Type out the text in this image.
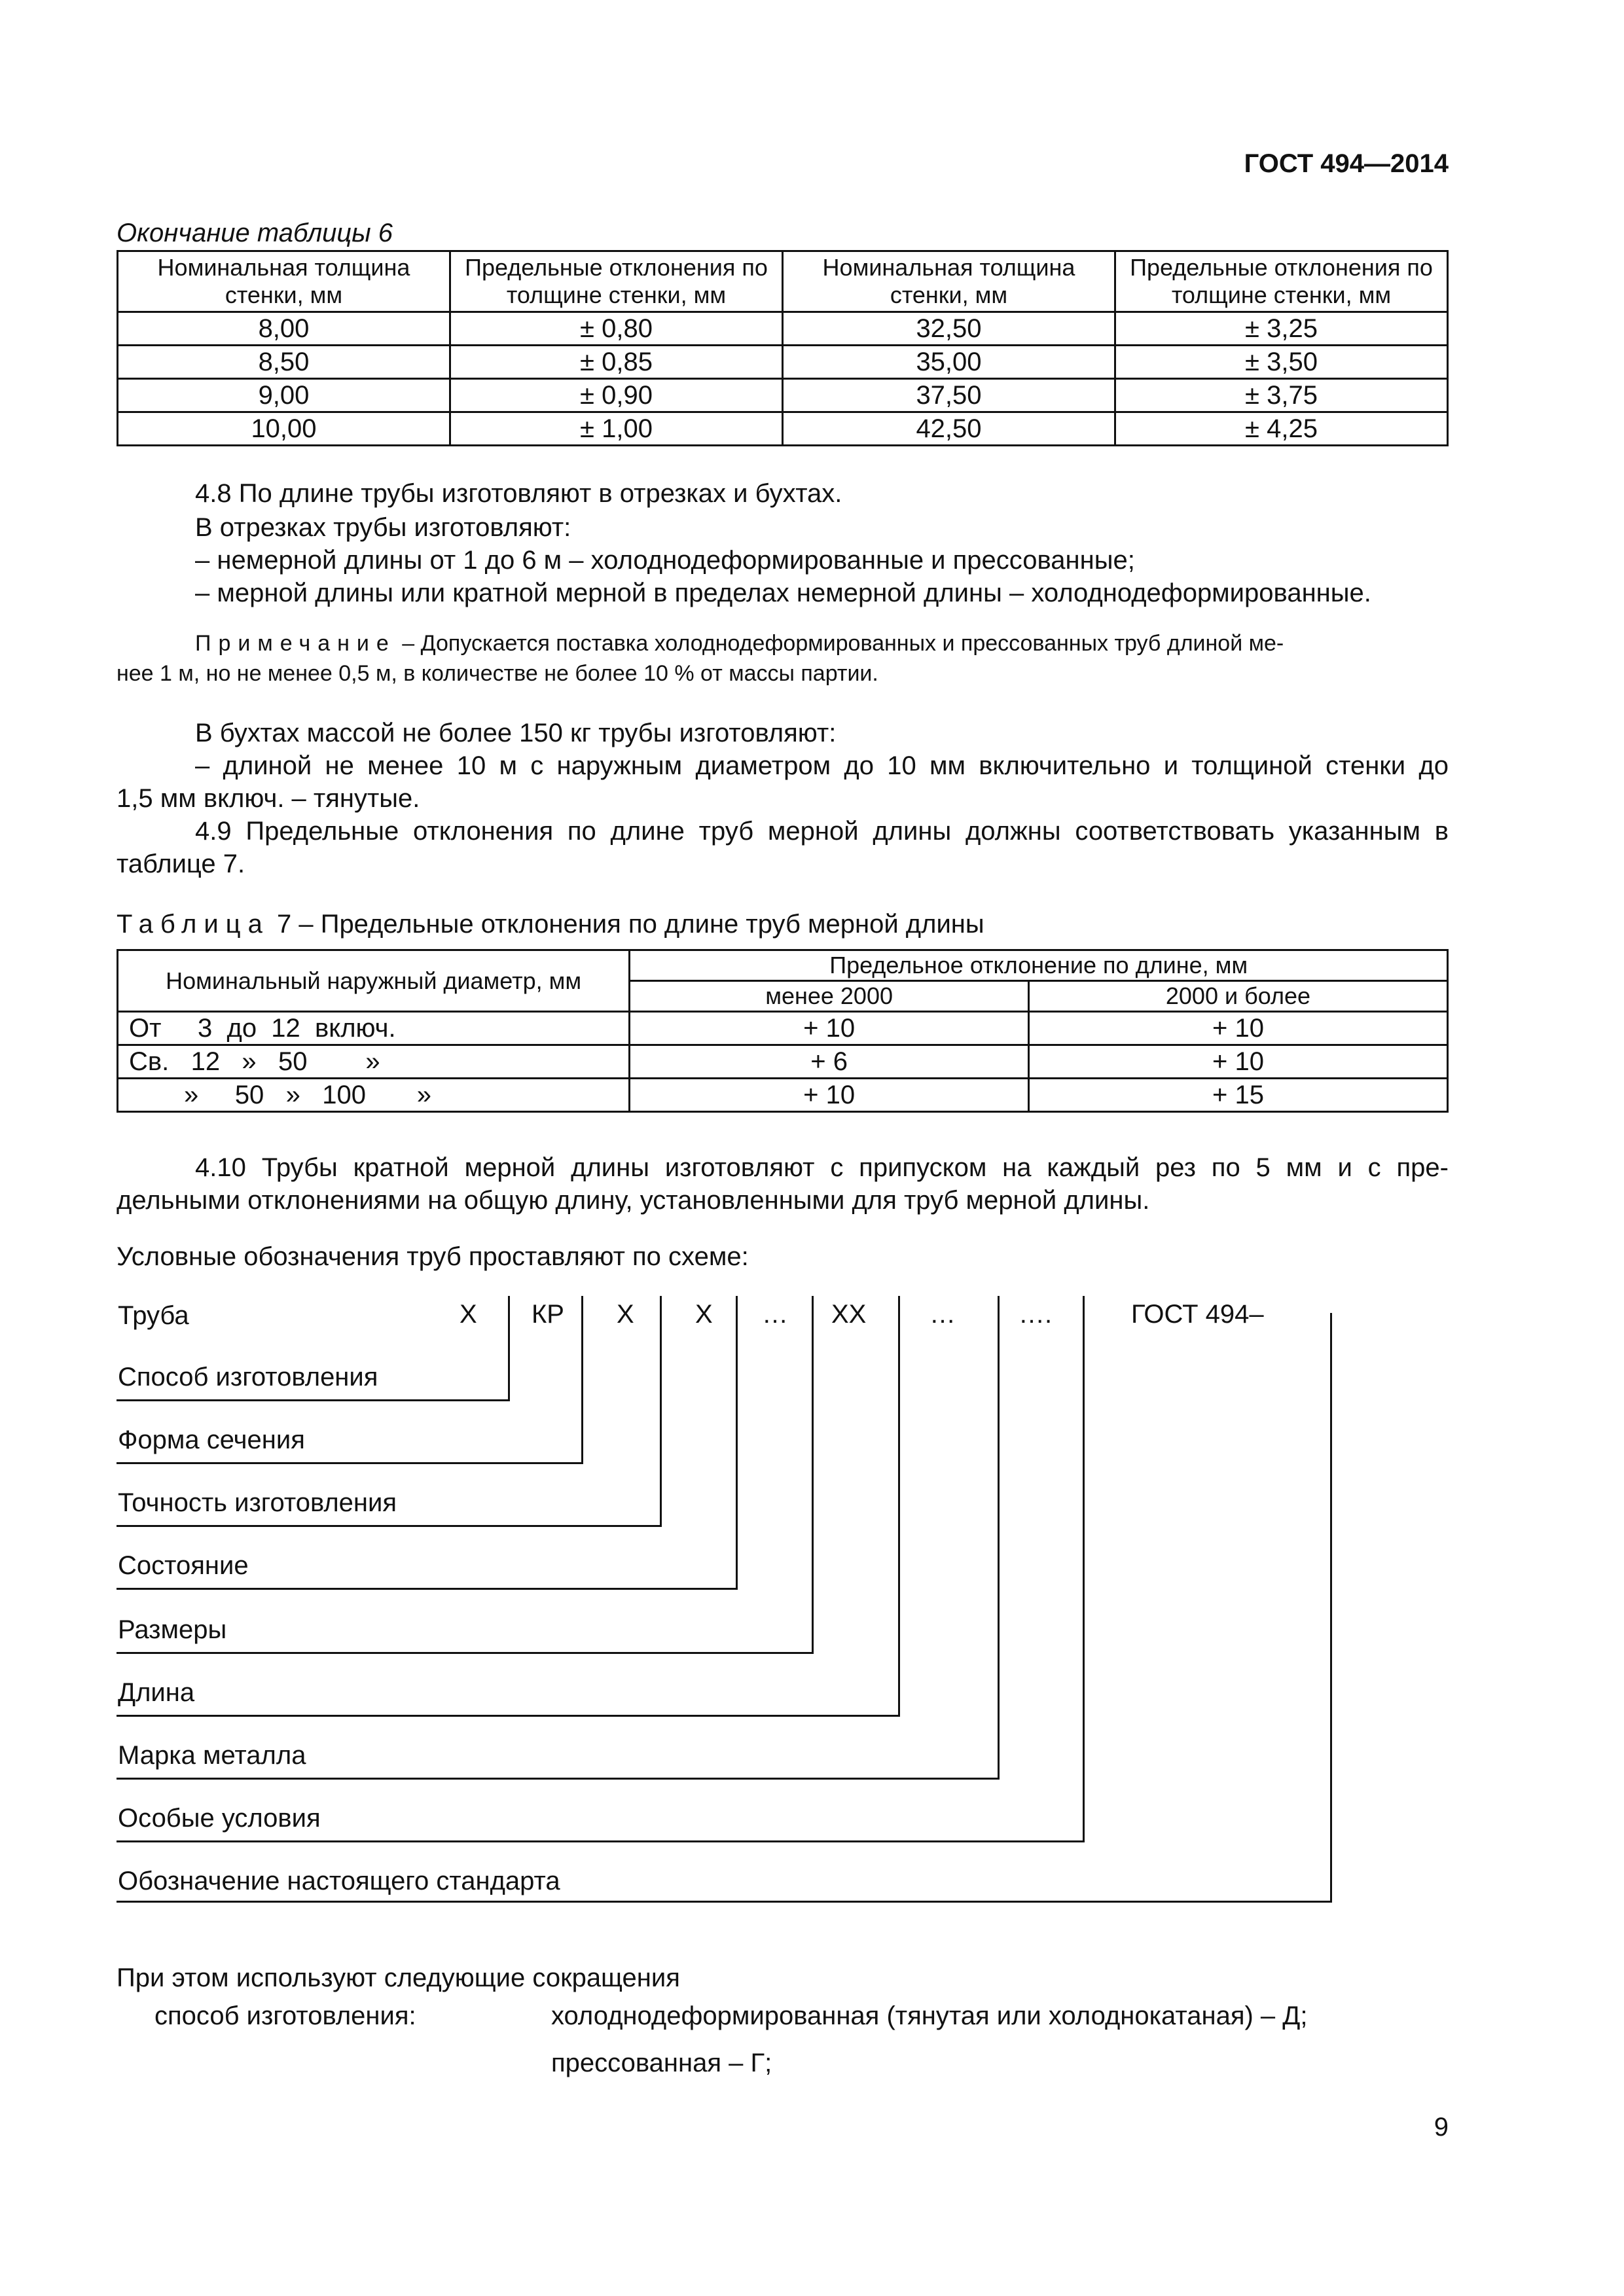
ГОСТ 494—2014
Окончание таблицы 6
Номинальная толщина стенки, мм	Предельные отклонения по толщине стенки, мм	Номинальная толщина стенки, мм	Предельные отклонения по толщине стенки, мм
8,00	± 0,80	32,50	± 3,25
8,50	± 0,85	35,00	± 3,50
9,00	± 0,90	37,50	± 3,75
10,00	± 1,00	42,50	± 4,25
4.8 По длине трубы изготовляют в отрезках и бухтах.
В отрезках трубы изготовляют:
– немерной длины от 1 до 6 м – холоднодеформированные и прессованные;
– мерной длины или кратной мерной в пределах немерной длины – холоднодеформированные.
Примечание – Допускается поставка холоднодеформированных и прессованных труб длиной ме-
нее 1 м, но не менее 0,5 м, в количестве не более 10 % от массы партии.
В бухтах массой не более 150 кг трубы изготовляют:
– длиной не менее 10 м с наружным диаметром до 10 мм включительно и толщиной стенки до
1,5 мм включ. – тянутые.
4.9 Предельные отклонения по длине труб мерной длины должны соответствовать указанным в
таблице 7.
Таблица 7 – Предельные отклонения по длине труб мерной длины
Номинальный наружный диаметр, мм	Предельное отклонение по длине, мм	
	менее 2000	2000 и более
От     3  до  12  включ.	+ 10	+ 10
Св.   12   »   50        »	+ 6	+ 10
»     50   »   100       »	+ 10	+ 15
4.10 Трубы кратной мерной длины изготовляют с припуском на каждый рез по 5 мм и с пре-
дельными отклонениями на общую длину, установленными для труб мерной длины.
Условные обозначения труб проставляют по схеме:
Труба	X КР X X … XX … ….	ГОСТ 494–
Способ изготовления
Форма сечения
Точность изготовления
Состояние
Размеры
Длина
Марка металла
Особые условия
Обозначение настоящего стандарта
При этом используют следующие сокращения
способ изготовления:	холоднодеформированная (тянутая или холоднокатаная) – Д;
прессованная – Г;
9
